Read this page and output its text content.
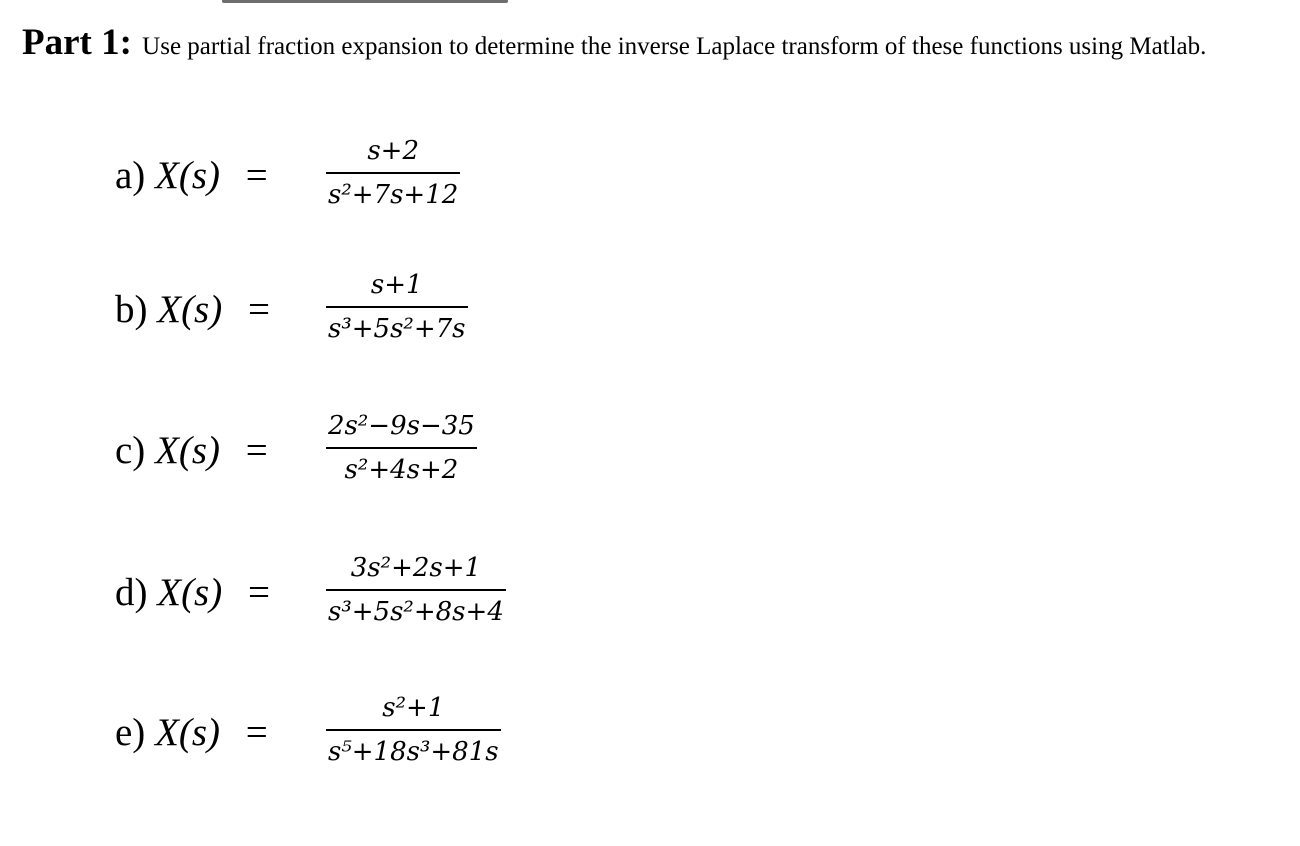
Part 1: Use partial fraction expansion to determine the inverse Laplace transform of these functions using Matlab.
a) X(s) =
s+2
s²+7s+12
b) X(s) =
s+1
s³+5s²+7s
c) X(s) =
2s²−9s−35
s²+4s+2
d) X(s) =
3s²+2s+1
s³+5s²+8s+4
e) X(s) =
s²+1
s⁵+18s³+81s
